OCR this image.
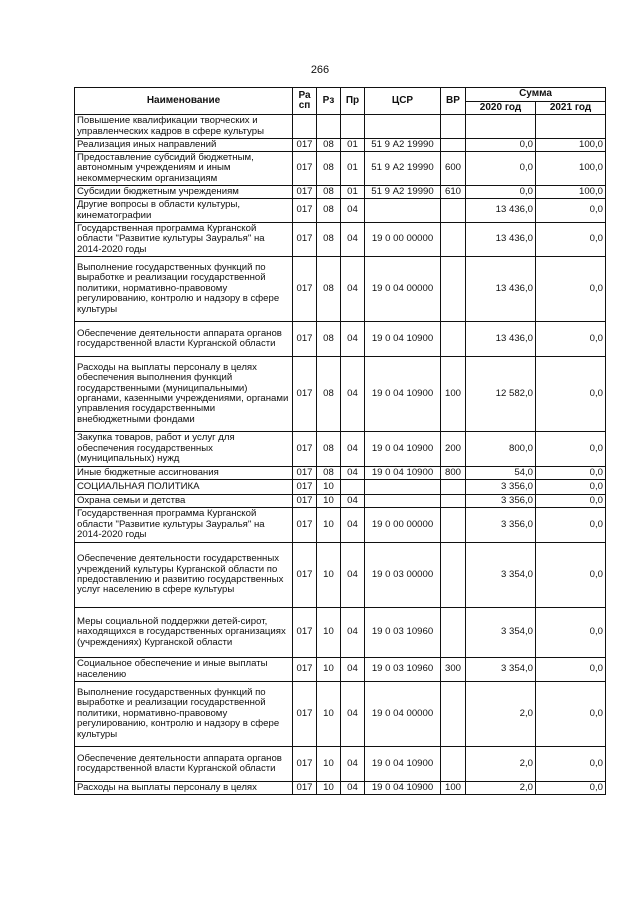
266
Наименование	Ра
сп	Рз	Пр	ЦСР	ВР	Сумма	
						2020 год	2021 год
Повышение квалификации творческих и управленческих кадров в сфере культуры							
Реализация иных направлений	017	08	01	51 9 А2 19990		0,0	100,0
Предоставление субсидий бюджетным, автономным учреждениям и иным некоммерческим организациям	017	08	01	51 9 А2 19990	600	0,0	100,0
Субсидии бюджетным учреждениям	017	08	01	51 9 А2 19990	610	0,0	100,0
Другие вопросы в области культуры, кинематографии	017	08	04			13 436,0	0,0
Государственная программа Курганской области "Развитие культуры Зауралья" на 2014-2020 годы	017	08	04	19 0 00 00000		13 436,0	0,0
Выполнение государственных функций по выработке и реализации государственной политики, нормативно-правовому регулированию, контролю и надзору в сфере культуры	017	08	04	19 0 04 00000		13 436,0	0,0
Обеспечение деятельности аппарата органов государственной власти Курганской области	017	08	04	19 0 04 10900		13 436,0	0,0
Расходы на выплаты персоналу в целях обеспечения выполнения функций государственными (муниципальными) органами, казенными учреждениями, органами управления государственными внебюджетными фондами	017	08	04	19 0 04 10900	100	12 582,0	0,0
Закупка товаров, работ и услуг для обеспечения государственных (муниципальных) нужд	017	08	04	19 0 04 10900	200	800,0	0,0
Иные бюджетные ассигнования	017	08	04	19 0 04 10900	800	54,0	0,0
СОЦИАЛЬНАЯ ПОЛИТИКА	017	10				3 356,0	0,0
Охрана семьи и детства	017	10	04			3 356,0	0,0
Государственная программа Курганской области "Развитие культуры Зауралья" на 2014-2020 годы	017	10	04	19 0 00 00000		3 356,0	0,0
Обеспечение деятельности государственных учреждений культуры Курганской области по предоставлению и развитию государственных услуг населению в сфере культуры	017	10	04	19 0 03 00000		3 354,0	0,0
Меры социальной поддержки детей-сирот, находящихся в государственных организациях (учреждениях) Курганской области	017	10	04	19 0 03 10960		3 354,0	0,0
Социальное обеспечение и иные выплаты населению	017	10	04	19 0 03 10960	300	3 354,0	0,0
Выполнение государственных функций по выработке и реализации государственной политики, нормативно-правовому регулированию, контролю и надзору в сфере культуры	017	10	04	19 0 04 00000		2,0	0,0
Обеспечение деятельности аппарата органов государственной власти Курганской области	017	10	04	19 0 04 10900		2,0	0,0
Расходы на выплаты персоналу в целях	017	10	04	19 0 04 10900	100	2,0	0,0
